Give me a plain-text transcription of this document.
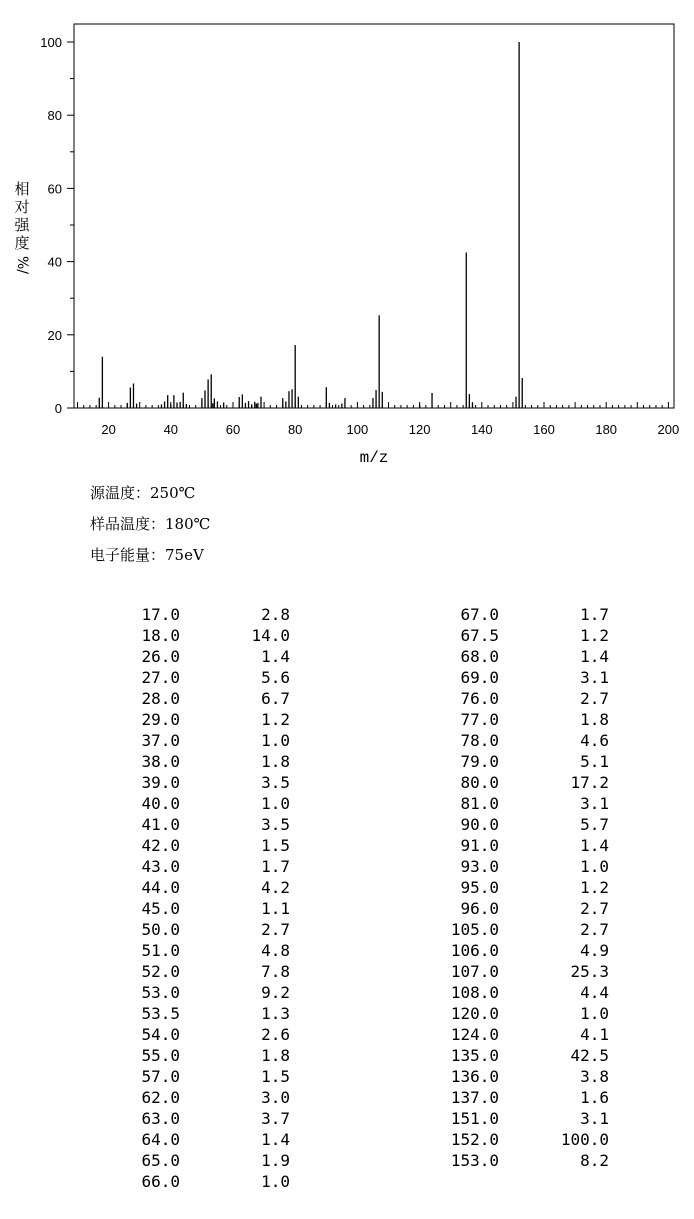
0
20
40
60
80
100
20	40	60	80	100	120	140	160	180	200
m/z
相
对
强
度
%/
源温度：250℃
样品温度：180℃
电子能量：75eV
17.0	2.8
18.0	14.0
26.0	1.4
27.0	5.6
28.0	6.7
29.0	1.2
37.0	1.0
38.0	1.8
39.0	3.5
40.0	1.0
41.0	3.5
42.0	1.5
43.0	1.7
44.0	4.2
45.0	1.1
50.0	2.7
51.0	4.8
52.0	7.8
53.0	9.2
53.5	1.3
54.0	2.6
55.0	1.8
57.0	1.5
62.0	3.0
63.0	3.7
64.0	1.4
65.0	1.9
66.0	1.0
67.0	1.7
67.5	1.2
68.0	1.4
69.0	3.1
76.0	2.7
77.0	1.8
78.0	4.6
79.0	5.1
80.0	17.2
81.0	3.1
90.0	5.7
91.0	1.4
93.0	1.0
95.0	1.2
96.0	2.7
105.0	2.7
106.0	4.9
107.0	25.3
108.0	4.4
120.0	1.0
124.0	4.1
135.0	42.5
136.0	3.8
137.0	1.6
151.0	3.1
152.0	100.0
153.0	8.2
